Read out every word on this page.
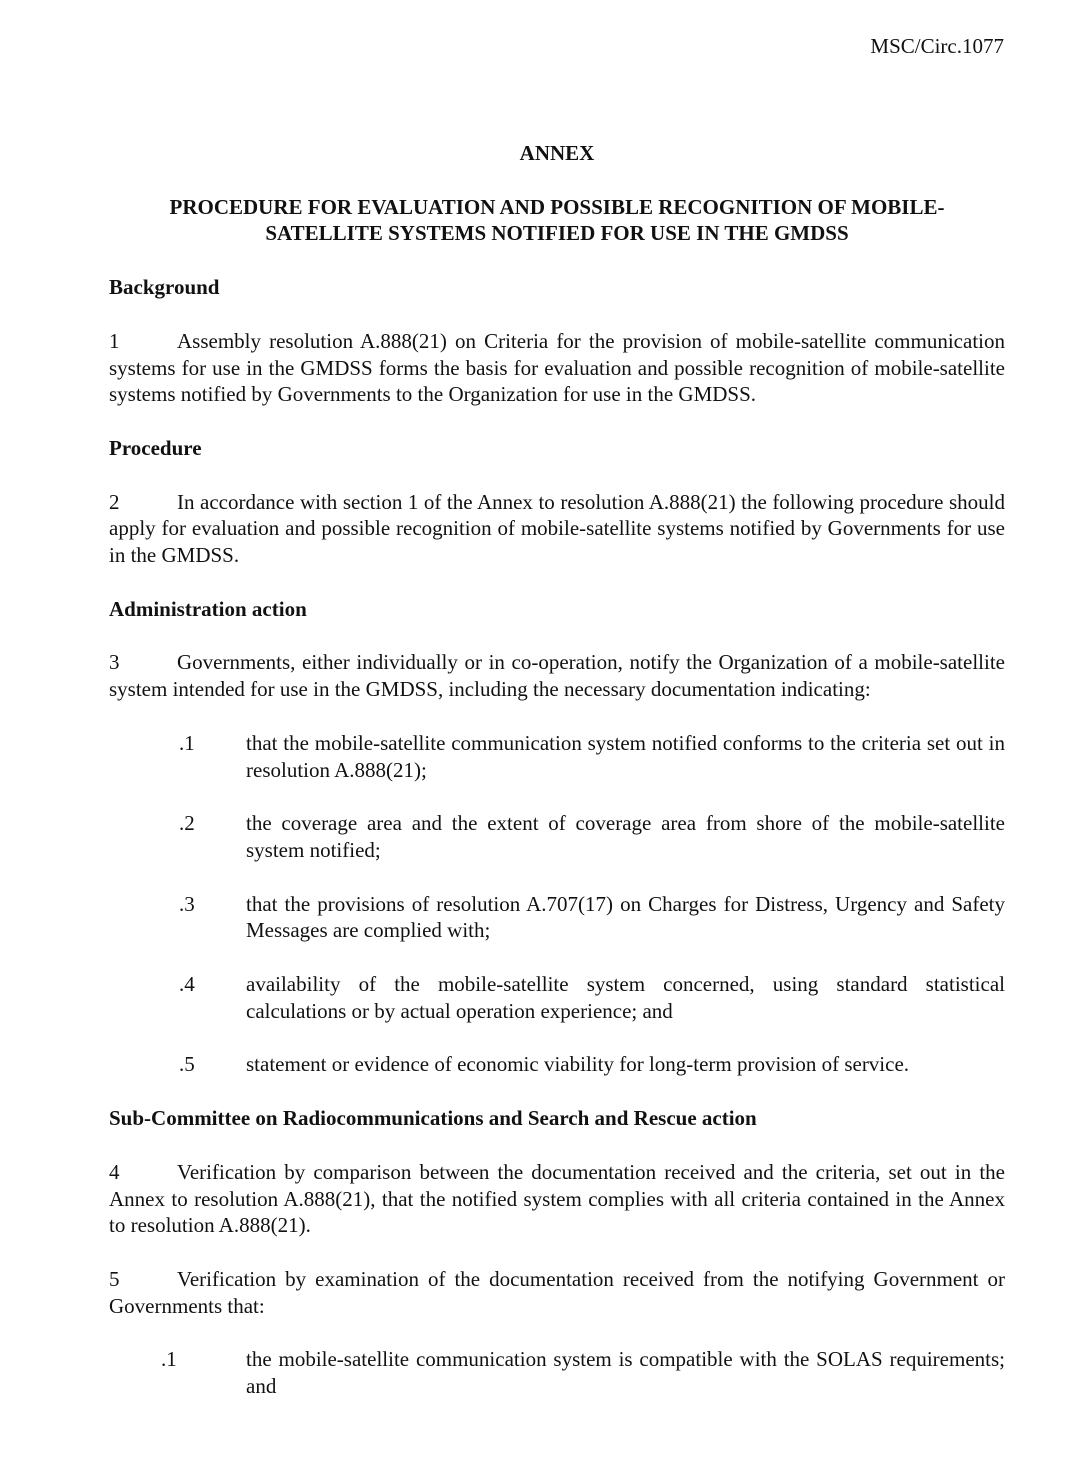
MSC/Circ.1077
ANNEX
PROCEDURE FOR EVALUATION AND POSSIBLE RECOGNITION OF MOBILE-
SATELLITE SYSTEMS NOTIFIED FOR USE IN THE GMDSS
Background

1	Assembly resolution A.888(21) on Criteria for the provision of mobile-satellite communication systems for use in the GMDSS forms the basis for evaluation and possible recognition of mobile-satellite systems notified by Governments to the Organization for use in the GMDSS.

Procedure

2	In accordance with section 1 of the Annex to resolution A.888(21) the following procedure should apply for evaluation and possible recognition of mobile-satellite systems notified by Governments for use in the GMDSS.

Administration action

3	Governments, either individually or in co-operation, notify the Organization of a mobile-satellite system intended for use in the GMDSS, including the necessary documentation indicating:

.1	that the mobile-satellite communication system notified conforms to the criteria set out in resolution A.888(21);
.2	the coverage area and the extent of coverage area from shore of the mobile-satellite system notified;
.3	that the provisions of resolution A.707(17) on Charges for Distress, Urgency and Safety Messages are complied with;
.4	availability of the mobile-satellite system concerned, using standard statistical calculations or by actual operation experience; and
.5	statement or evidence of economic viability for long-term provision of service.
Sub-Committee on Radiocommunications and Search and Rescue action

4	Verification by comparison between the documentation received and the criteria, set out in the Annex to resolution A.888(21), that the notified system complies with all criteria contained in the Annex to resolution A.888(21).

5	Verification by examination of the documentation received from the notifying Government or Governments that:

.1	the mobile-satellite communication system is compatible with the SOLAS requirements; and
